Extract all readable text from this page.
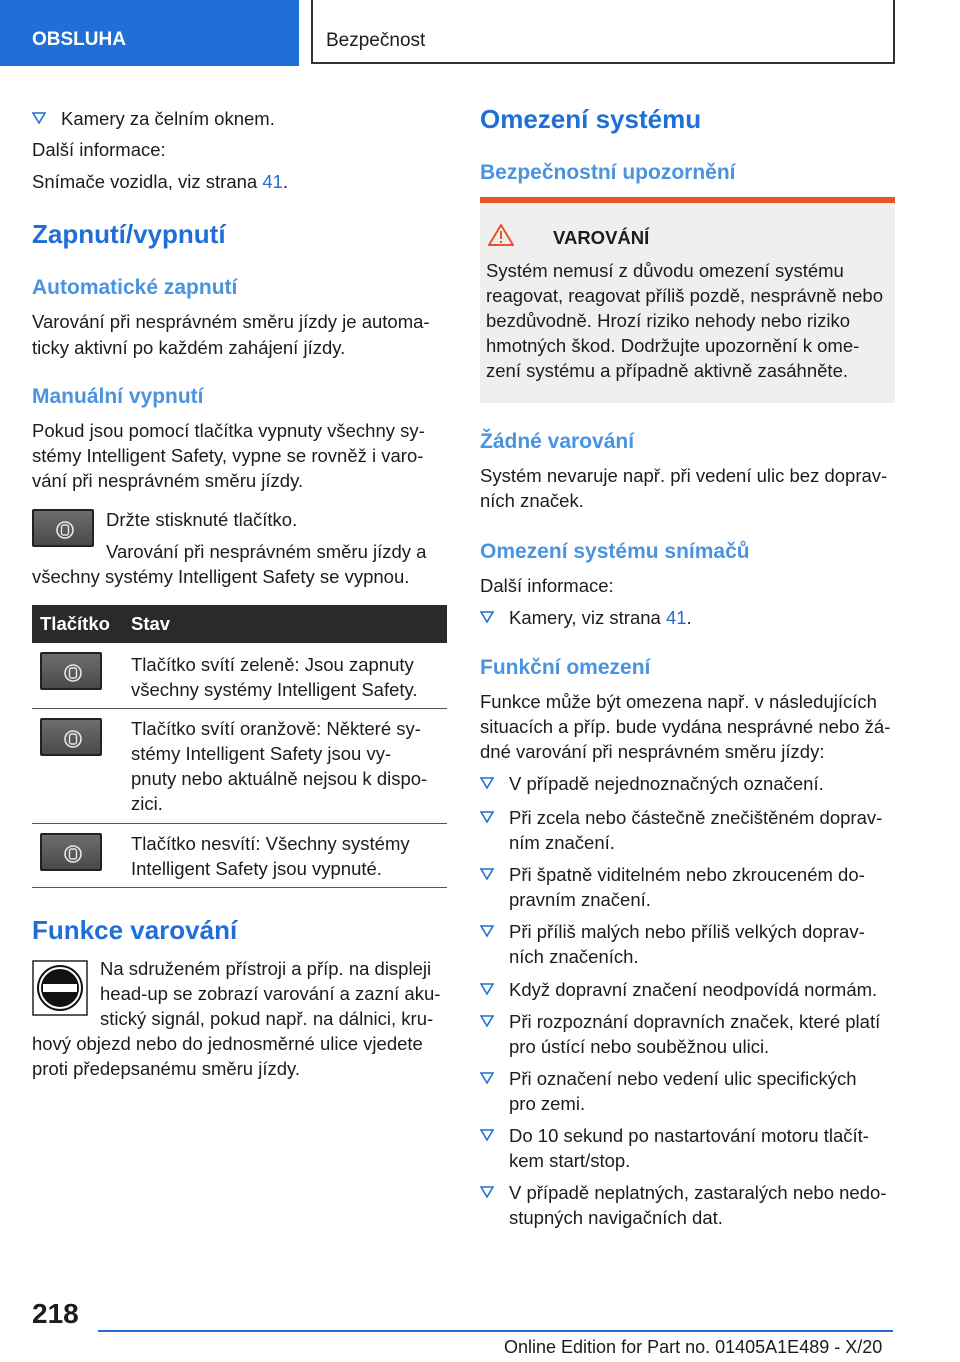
OBSLUHA	Bezpečnost
Kamery za čelním oknem.
Další informace:
Snímače vozidla, viz strana 41.
Zapnutí/vypnutí
Automatické zapnutí
Varování při nesprávném směru jízdy je automa‐
ticky aktivní po každém zahájení jízdy.
Manuální vypnutí
Pokud jsou pomocí tlačítka vypnuty všechny sy‐
stémy Intelligent Safety, vypne se rovněž i varo‐
vání při nesprávném směru jízdy.
Držte stisknuté tlačítko.
Varování při nesprávném směru jízdy a
všechny systémy Intelligent Safety se vypnou.
Tlačítko Stav
Tlačítko svítí zeleně: Jsou zapnuty
všechny systémy Intelligent Safety.
Tlačítko svítí oranžově: Některé sy‐
stémy Intelligent Safety jsou vy‐
pnuty nebo aktuálně nejsou k dispo‐
zici.
Tlačítko nesvítí: Všechny systémy
Intelligent Safety jsou vypnuté.
Funkce varování
Na sdruženém přístroji a příp. na displeji
head-up se zobrazí varování a zazní aku‐
stický signál, pokud např. na dálnici, kru‐
hový objezd nebo do jednosměrné ulice vjedete
proti předepsanému směru jízdy.
Omezení systému
Bezpečnostní upozornění
VAROVÁNÍ
Systém nemusí z důvodu omezení systému
reagovat, reagovat příliš pozdě, nesprávně nebo
bezdůvodně. Hrozí riziko nehody nebo riziko
hmotných škod. Dodržujte upozornění k ome‐
zení systému a případně aktivně zasáhněte.
Žádné varování
Systém nevaruje např. při vedení ulic bez doprav‐
ních značek.
Omezení systému snímačů
Další informace:
Kamery, viz strana 41.
Funkční omezení
Funkce může být omezena např. v následujících
situacích a příp. bude vydána nesprávné nebo žá‐
dné varování při nesprávném směru jízdy:
V případě nejednoznačných označení.
Při zcela nebo částečně znečištěném doprav‐
ním značení.
Při špatně viditelném nebo zkrouceném do‐
pravním značení.
Při příliš malých nebo příliš velkých doprav‐
ních značeních.
Když dopravní značení neodpovídá normám.
Při rozpoznání dopravních značek, které platí
pro ústící nebo souběžnou ulici.
Při označení nebo vedení ulic specifických
pro zemi.
Do 10 sekund po nastartování motoru tlačít‐
kem start/stop.
V případě neplatných, zastaralých nebo nedo‐
stupných navigačních dat.
218
Online Edition for Part no. 01405A1E489 - X/20
